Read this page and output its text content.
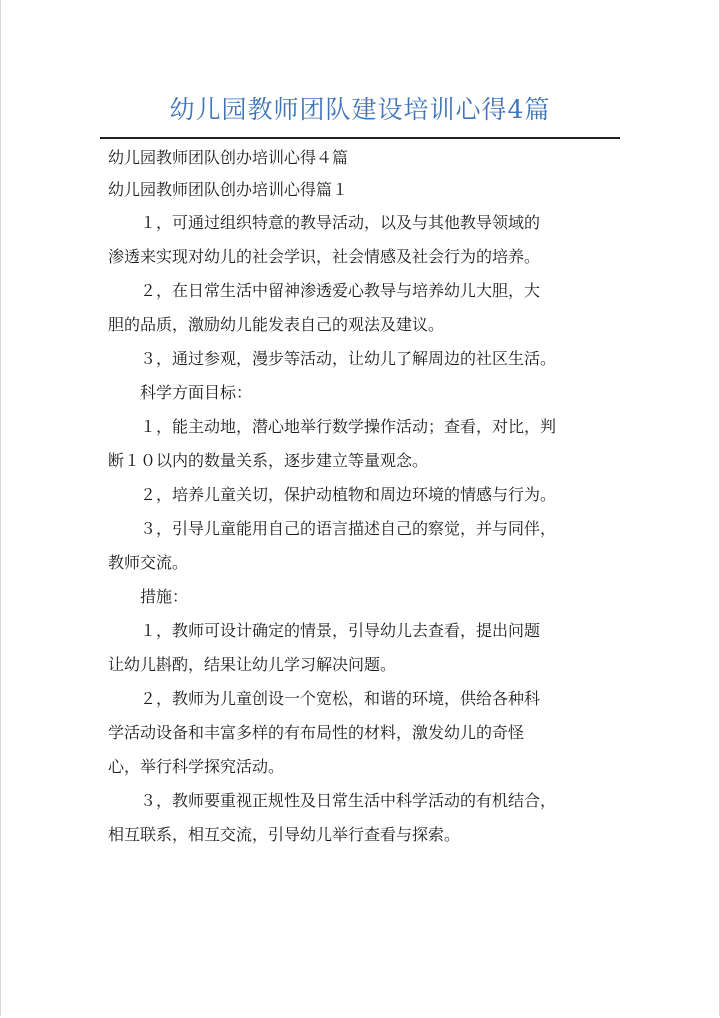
幼儿园教师团队建设培训心得4篇
幼儿园教师团队创办培训心得４篇
幼儿园教师团队创办培训心得篇１

１，可通过组织特意的教导活动，以及与其他教导领域的
渗透来实现对幼儿的社会学识，社会情感及社会行为的培养。

２，在日常生活中留神渗透爱心教导与培养幼儿大胆，大
胆的品质，激励幼儿能发表自己的观法及建议。

３，通过参观，漫步等活动，让幼儿了解周边的社区生活。

科学方面目标：

１，能主动地，潜心地举行数学操作活动；查看，对比，判
断１０以内的数量关系，逐步建立等量观念。

２，培养儿童关切，保护动植物和周边环境的情感与行为。

３，引导儿童能用自己的语言描述自己的察觉，并与同伴，
教师交流。

措施：

１，教师可设计确定的情景，引导幼儿去查看，提出问题
让幼儿斟酌，结果让幼儿学习解决问题。

２，教师为儿童创设一个宽松，和谐的环境，供给各种科
学活动设备和丰富多样的有布局性的材料，激发幼儿的奇怪
心，举行科学探究活动。

３，教师要重视正规性及日常生活中科学活动的有机结合，
相互联系，相互交流，引导幼儿举行查看与探索。
